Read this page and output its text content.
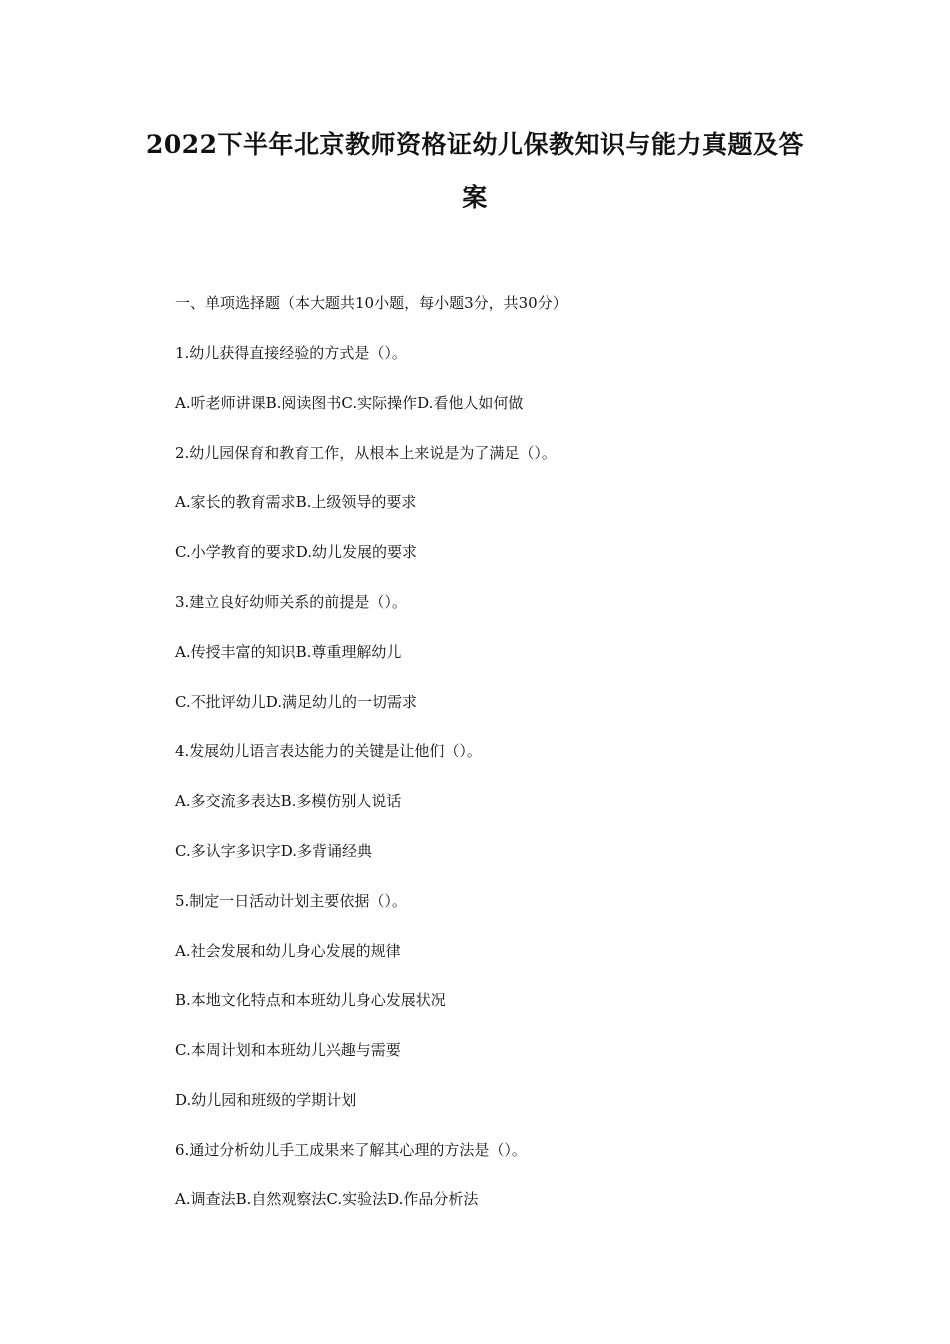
2022下半年北京教师资格证幼儿保教知识与能力真题及答
案

一、单项选择题（本大题共10小题，每小题3分，共30分）

1.幼儿获得直接经验的方式是（）。

A.听老师讲课B.阅读图书C.实际操作D.看他人如何做

2.幼儿园保育和教育工作，从根本上来说是为了满足（）。

A.家长的教育需求B.上级领导的要求

C.小学教育的要求D.幼儿发展的要求

3.建立良好幼师关系的前提是（）。

A.传授丰富的知识B.尊重理解幼儿

C.不批评幼儿D.满足幼儿的一切需求

4.发展幼儿语言表达能力的关键是让他们（）。

A.多交流多表达B.多模仿别人说话

C.多认字多识字D.多背诵经典

5.制定一日活动计划主要依据（）。

A.社会发展和幼儿身心发展的规律

B.本地文化特点和本班幼儿身心发展状况

C.本周计划和本班幼儿兴趣与需要

D.幼儿园和班级的学期计划

6.通过分析幼儿手工成果来了解其心理的方法是（）。

A.调查法B.自然观察法C.实验法D.作品分析法
